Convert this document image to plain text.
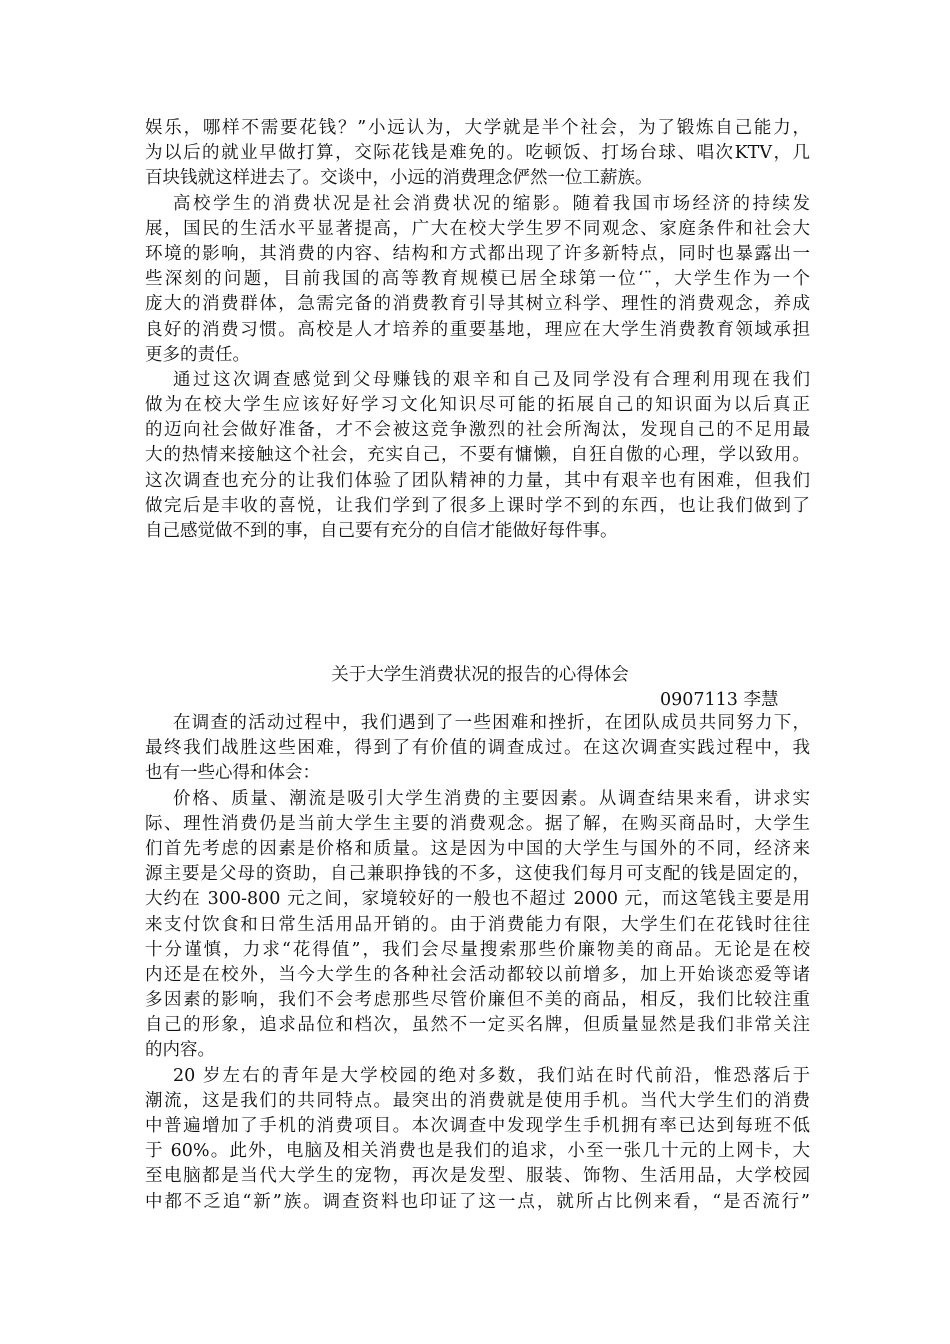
娱乐，哪样不需要花钱？”小远认为，大学就是半个社会，为了锻炼自己能力，
为以后的就业早做打算，交际花钱是难免的。吃顿饭、打场台球、唱次KTV，几
百块钱就这样进去了。交谈中，小远的消费理念俨然一位工薪族。
高校学生的消费状况是社会消费状况的缩影。随着我国市场经济的持续发
展，国民的生活水平显著提高，广大在校大学生罗不同观念、家庭条件和社会大
环境的影响，其消费的内容、结构和方式都出现了许多新特点，同时也暴露出一
些深刻的问题，目前我国的高等教育规模已居全球第一位‘¨，大学生作为一个
庞大的消费群体，急需完备的消费教育引导其树立科学、理性的消费观念，养成
良好的消费习惯。高校是人才培养的重要基地，理应在大学生消费教育领域承担
更多的责任。
通过这次调查感觉到父母赚钱的艰辛和自己及同学没有合理利用现在我们
做为在校大学生应该好好学习文化知识尽可能的拓展自己的知识面为以后真正
的迈向社会做好准备，才不会被这竞争激烈的社会所淘汰，发现自己的不足用最
大的热情来接触这个社会，充实自己，不要有慵懒，自狂自傲的心理，学以致用。
这次调查也充分的让我们体验了团队精神的力量，其中有艰辛也有困难，但我们
做完后是丰收的喜悦，让我们学到了很多上课时学不到的东西，也让我们做到了
自己感觉做不到的事，自己要有充分的自信才能做好每件事。
关于大学生消费状况的报告的心得体会
0907113 李慧
在调查的活动过程中，我们遇到了一些困难和挫折，在团队成员共同努力下，
最终我们战胜这些困难，得到了有价值的调查成过。在这次调查实践过程中，我
也有一些心得和体会：
价格、质量、潮流是吸引大学生消费的主要因素。从调查结果来看，讲求实
际、理性消费仍是当前大学生主要的消费观念。据了解，在购买商品时，大学生
们首先考虑的因素是价格和质量。这是因为中国的大学生与国外的不同，经济来
源主要是父母的资助，自己兼职挣钱的不多，这使我们每月可支配的钱是固定的，
大约在 300-800 元之间，家境较好的一般也不超过 2000 元，而这笔钱主要是用
来支付饮食和日常生活用品开销的。由于消费能力有限，大学生们在花钱时往往
十分谨慎，力求“花得值”，我们会尽量搜索那些价廉物美的商品。无论是在校
内还是在校外，当今大学生的各种社会活动都较以前增多，加上开始谈恋爱等诸
多因素的影响，我们不会考虑那些尽管价廉但不美的商品，相反，我们比较注重
自己的形象，追求品位和档次，虽然不一定买名牌，但质量显然是我们非常关注
的内容。
20 岁左右的青年是大学校园的绝对多数，我们站在时代前沿，惟恐落后于
潮流，这是我们的共同特点。最突出的消费就是使用手机。当代大学生们的消费
中普遍增加了手机的消费项目。本次调查中发现学生手机拥有率已达到每班不低
于 60%。此外，电脑及相关消费也是我们的追求，小至一张几十元的上网卡，大
至电脑都是当代大学生的宠物，再次是发型、服装、饰物、生活用品，大学校园
中都不乏追“新”族。调查资料也印证了这一点，就所占比例来看，“是否流行”
